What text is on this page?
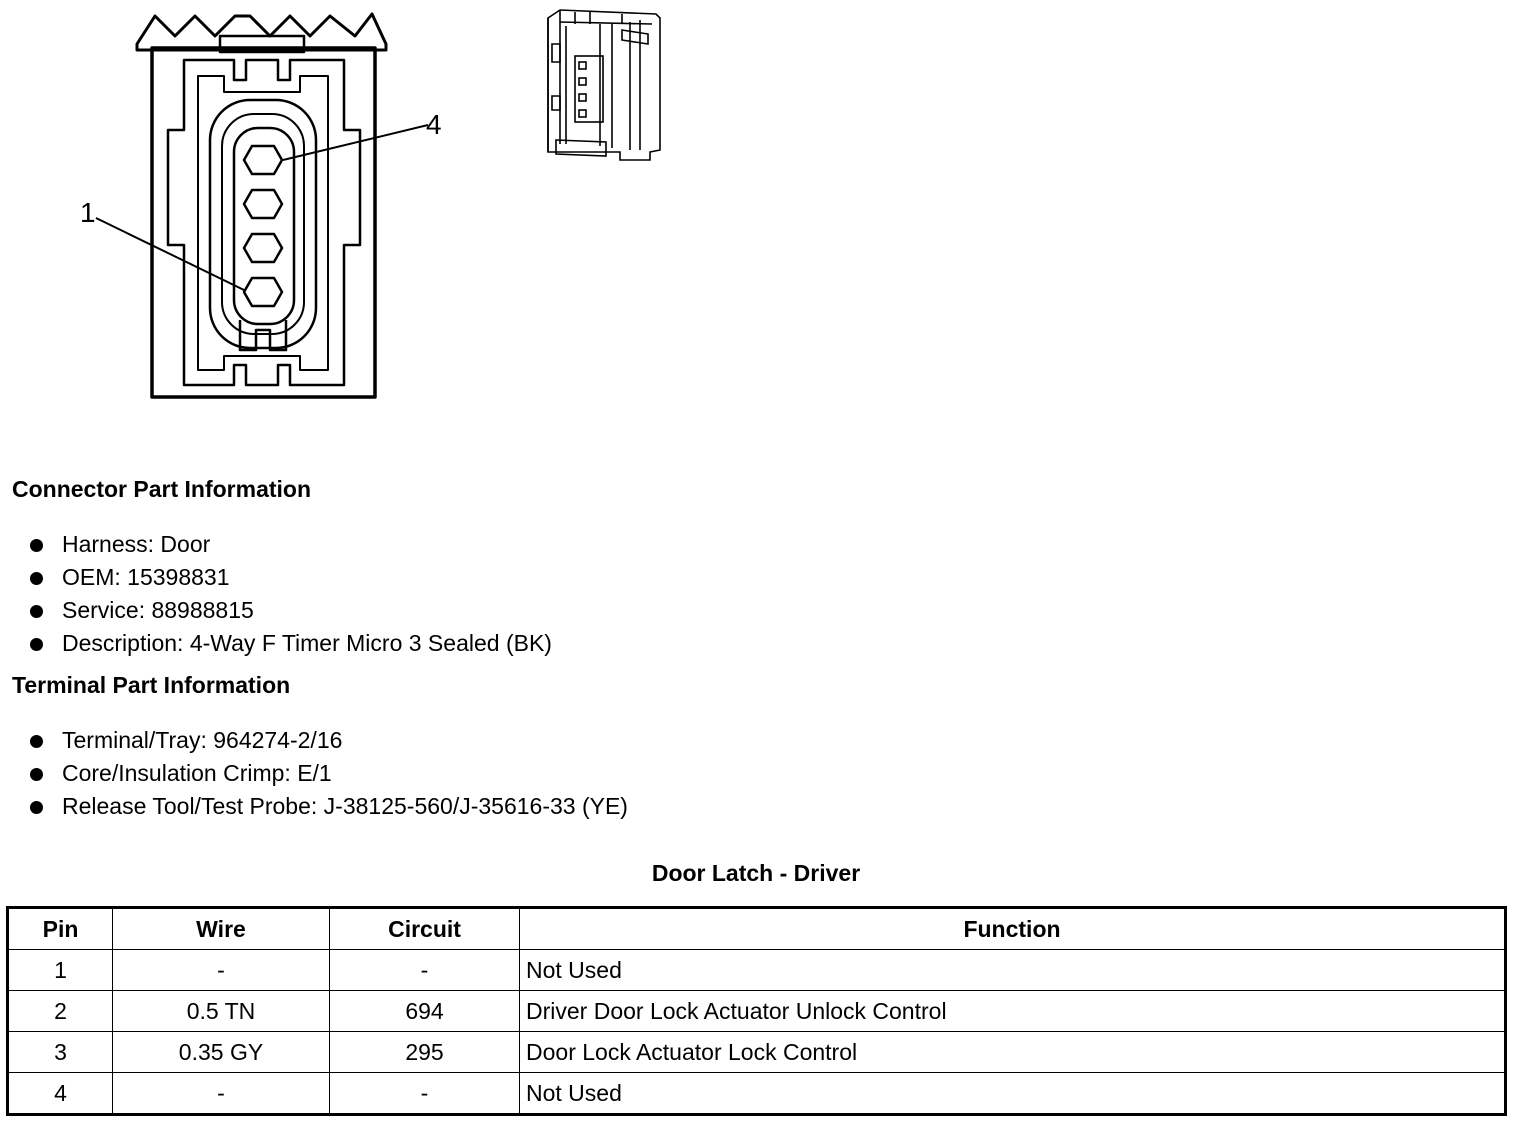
4
1
Connector Part Information
Harness: Door
OEM: 15398831
Service: 88988815
Description: 4-Way F Timer Micro 3 Sealed (BK)
Terminal Part Information
Terminal/Tray: 964274-2/16
Core/Insulation Crimp: E/1
Release Tool/Test Probe: J-38125-560/J-35616-33 (YE)
Door Latch - Driver
Pin	Wire	Circuit	Function
1	-	-	Not Used
2	0.5 TN	694	Driver Door Lock Actuator Unlock Control
3	0.35 GY	295	Door Lock Actuator Lock Control
4	-	-	Not Used
